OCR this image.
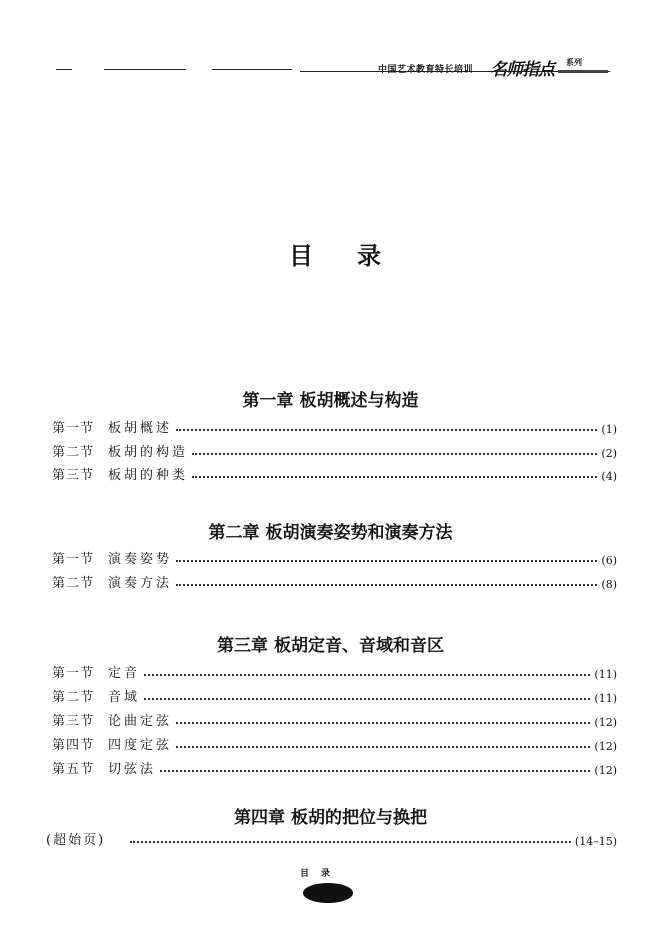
中国艺术教育特长培训 名师指点 系列
目 录
第一章 板胡概述与构造
第一节	板胡概述	(1)
第二节	板胡的构造	(2)
第三节	板胡的种类	(4)
第二章 板胡演奏姿势和演奏方法
第一节	演奏姿势	(6)
第二节	演奏方法	(8)
第三章 板胡定音、音域和音区
第一节	定音	(11)
第二节	音域	(11)
第三节	论曲定弦	(12)
第四节	四度定弦	(12)
第五节	切弦法	(12)
第四章 板胡的把位与换把
(超始页)	(14–15)
目录
